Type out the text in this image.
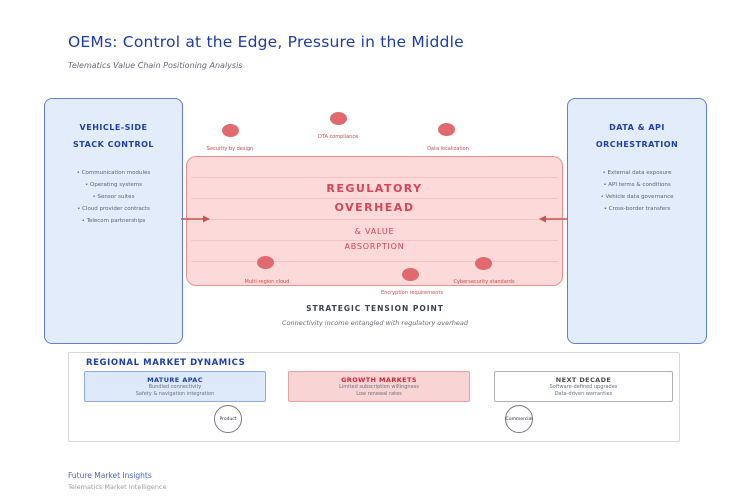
OEMs: Control at the Edge, Pressure in the Middle
Telematics Value Chain Positioning Analysis
VEHICLE-SIDE
STACK CONTROL
• Communication modules
• Operating systems
• Sensor suites
• Cloud provider contracts
• Telecom partnerships
DATA & API
ORCHESTRATION
• External data exposure
• API terms & conditions
• Vehicle data governance
• Cross-border transfers
REGULATORY
OVERHEAD
& VALUE
ABSORPTION
Security by design
OTA compliance
Data localization
Multi-region cloud
Encryption requirements
Cybersecurity standards
STRATEGIC TENSION POINT
Connectivity income entangled with regulatory overhead
REGIONAL MARKET DYNAMICS
MATURE APAC
Bundled connectivity
Safety & navigation integration
GROWTH MARKETS
Limited subscription willingness
Low renewal rates
NEXT DECADE
Software-defined upgrades
Data-driven warranties
Product	Commercial
Future Market Insights
Telematics Market Intelligence
